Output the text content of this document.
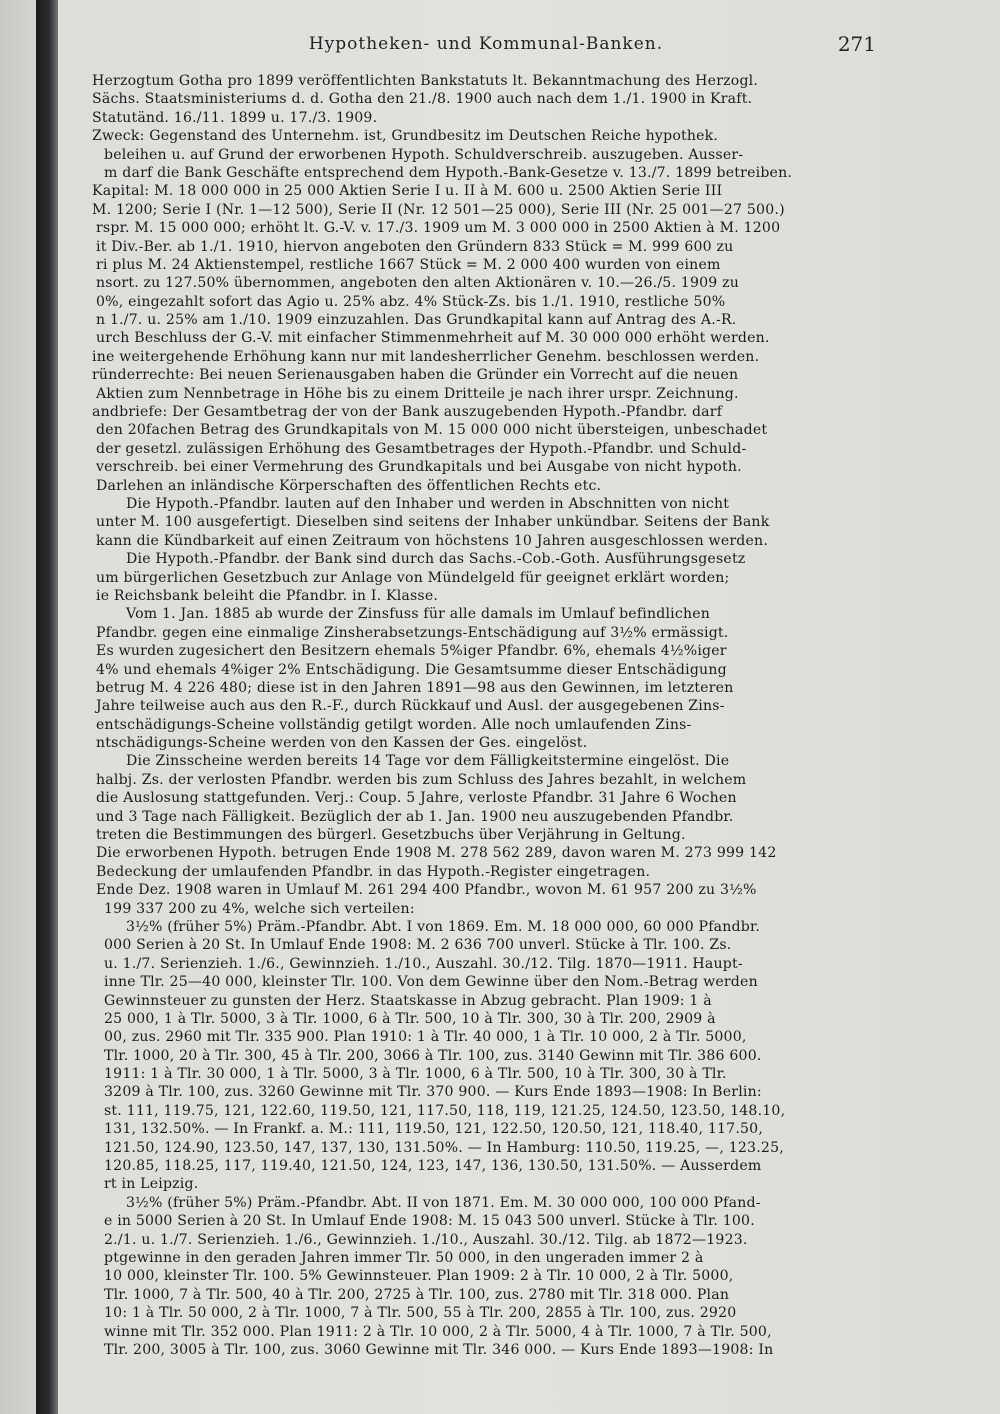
Hypotheken- und Kommunal-Banken.	271
Herzogtum Gotha pro 1899 veröffentlichten Bankstatuts lt. Bekanntmachung des Herzogl.
Sächs. Staatsministeriums d. d. Gotha den 21./8. 1900 auch nach dem 1./1. 1900 in Kraft.
Statutänd. 16./11. 1899 u. 17./3. 1909.
Zweck: Gegenstand des Unternehm. ist, Grundbesitz im Deutschen Reiche hypothek.
beleihen u. auf Grund der erworbenen Hypoth. Schuldverschreib. auszugeben. Ausser-
m darf die Bank Geschäfte entsprechend dem Hypoth.-Bank-Gesetze v. 13./7. 1899 betreiben.
Kapital: M. 18 000 000 in 25 000 Aktien Serie I u. II à M. 600 u. 2500 Aktien Serie III
M. 1200; Serie I (Nr. 1—12 500), Serie II (Nr. 12 501—25 000), Serie III (Nr. 25 001—27 500.)
rspr. M. 15 000 000; erhöht lt. G.-V. v. 17./3. 1909 um M. 3 000 000 in 2500 Aktien à M. 1200
it Div.-Ber. ab 1./1. 1910, hiervon angeboten den Gründern 833 Stück = M. 999 600 zu
ri plus M. 24 Aktienstempel, restliche 1667 Stück = M. 2 000 400 wurden von einem
nsort. zu 127.50% übernommen, angeboten den alten Aktionären v. 10.—26./5. 1909 zu
0%, eingezahlt sofort das Agio u. 25% abz. 4% Stück-Zs. bis 1./1. 1910, restliche 50%
n 1./7. u. 25% am 1./10. 1909 einzuzahlen. Das Grundkapital kann auf Antrag des A.-R.
urch Beschluss der G.-V. mit einfacher Stimmenmehrheit auf M. 30 000 000 erhöht werden.
ine weitergehende Erhöhung kann nur mit landesherrlicher Genehm. beschlossen werden.
ründerrechte: Bei neuen Serienausgaben haben die Gründer ein Vorrecht auf die neuen
Aktien zum Nennbetrage in Höhe bis zu einem Dritteile je nach ihrer urspr. Zeichnung.
andbriefe: Der Gesamtbetrag der von der Bank auszugebenden Hypoth.-Pfandbr. darf
den 20fachen Betrag des Grundkapitals von M. 15 000 000 nicht übersteigen, unbeschadet
der gesetzl. zulässigen Erhöhung des Gesamtbetrages der Hypoth.-Pfandbr. und Schuld-
verschreib. bei einer Vermehrung des Grundkapitals und bei Ausgabe von nicht hypoth.
Darlehen an inländische Körperschaften des öffentlichen Rechts etc.
Die Hypoth.-Pfandbr. lauten auf den Inhaber und werden in Abschnitten von nicht
unter M. 100 ausgefertigt. Dieselben sind seitens der Inhaber unkündbar. Seitens der Bank
kann die Kündbarkeit auf einen Zeitraum von höchstens 10 Jahren ausgeschlossen werden.
Die Hypoth.-Pfandbr. der Bank sind durch das Sachs.-Cob.-Goth. Ausführungsgesetz
um bürgerlichen Gesetzbuch zur Anlage von Mündelgeld für geeignet erklärt worden;
ie Reichsbank beleiht die Pfandbr. in I. Klasse.
Vom 1. Jan. 1885 ab wurde der Zinsfuss für alle damals im Umlauf befindlichen
Pfandbr. gegen eine einmalige Zinsherabsetzungs-Entschädigung auf 3½% ermässigt.
Es wurden zugesichert den Besitzern ehemals 5%iger Pfandbr. 6%, ehemals 4½%iger
4% und ehemals 4%iger 2% Entschädigung. Die Gesamtsumme dieser Entschädigung
betrug M. 4 226 480; diese ist in den Jahren 1891—98 aus den Gewinnen, im letzteren
Jahre teilweise auch aus den R.-F., durch Rückkauf und Ausl. der ausgegebenen Zins-
entschädigungs-Scheine vollständig getilgt worden. Alle noch umlaufenden Zins-
ntschädigungs-Scheine werden von den Kassen der Ges. eingelöst.
Die Zinsscheine werden bereits 14 Tage vor dem Fälligkeitstermine eingelöst. Die
halbj. Zs. der verlosten Pfandbr. werden bis zum Schluss des Jahres bezahlt, in welchem
die Auslosung stattgefunden. Verj.: Coup. 5 Jahre, verloste Pfandbr. 31 Jahre 6 Wochen
und 3 Tage nach Fälligkeit. Bezüglich der ab 1. Jan. 1900 neu auszugebenden Pfandbr.
treten die Bestimmungen des bürgerl. Gesetzbuchs über Verjährung in Geltung.
Die erworbenen Hypoth. betrugen Ende 1908 M. 278 562 289, davon waren M. 273 999 142
Bedeckung der umlaufenden Pfandbr. in das Hypoth.-Register eingetragen.
Ende Dez. 1908 waren in Umlauf M. 261 294 400 Pfandbr., wovon M. 61 957 200 zu 3½%
199 337 200 zu 4%, welche sich verteilen:
3½% (früher 5%) Präm.-Pfandbr. Abt. I von 1869. Em. M. 18 000 000, 60 000 Pfandbr.
000 Serien à 20 St. In Umlauf Ende 1908: M. 2 636 700 unverl. Stücke à Tlr. 100. Zs.
u. 1./7. Serienzieh. 1./6., Gewinnzieh. 1./10., Auszahl. 30./12. Tilg. 1870—1911. Haupt-
inne Tlr. 25—40 000, kleinster Tlr. 100. Von dem Gewinne über den Nom.-Betrag werden
Gewinnsteuer zu gunsten der Herz. Staatskasse in Abzug gebracht. Plan 1909: 1 à
25 000, 1 à Tlr. 5000, 3 à Tlr. 1000, 6 à Tlr. 500, 10 à Tlr. 300, 30 à Tlr. 200, 2909 à
00, zus. 2960 mit Tlr. 335 900. Plan 1910: 1 à Tlr. 40 000, 1 à Tlr. 10 000, 2 à Tlr. 5000,
Tlr. 1000, 20 à Tlr. 300, 45 à Tlr. 200, 3066 à Tlr. 100, zus. 3140 Gewinn mit Tlr. 386 600.
1911: 1 à Tlr. 30 000, 1 à Tlr. 5000, 3 à Tlr. 1000, 6 à Tlr. 500, 10 à Tlr. 300, 30 à Tlr.
3209 à Tlr. 100, zus. 3260 Gewinne mit Tlr. 370 900. — Kurs Ende 1893—1908: In Berlin:
st. 111, 119.75, 121, 122.60, 119.50, 121, 117.50, 118, 119, 121.25, 124.50, 123.50, 148.10,
131, 132.50%. — In Frankf. a. M.: 111, 119.50, 121, 122.50, 120.50, 121, 118.40, 117.50,
121.50, 124.90, 123.50, 147, 137, 130, 131.50%. — In Hamburg: 110.50, 119.25, —, 123.25,
120.85, 118.25, 117, 119.40, 121.50, 124, 123, 147, 136, 130.50, 131.50%. — Ausserdem
rt in Leipzig.
3½% (früher 5%) Präm.-Pfandbr. Abt. II von 1871. Em. M. 30 000 000, 100 000 Pfand-
e in 5000 Serien à 20 St. In Umlauf Ende 1908: M. 15 043 500 unverl. Stücke à Tlr. 100.
2./1. u. 1./7. Serienzieh. 1./6., Gewinnzieh. 1./10., Auszahl. 30./12. Tilg. ab 1872—1923.
ptgewinne in den geraden Jahren immer Tlr. 50 000, in den ungeraden immer 2 à
10 000, kleinster Tlr. 100. 5% Gewinnsteuer. Plan 1909: 2 à Tlr. 10 000, 2 à Tlr. 5000,
Tlr. 1000, 7 à Tlr. 500, 40 à Tlr. 200, 2725 à Tlr. 100, zus. 2780 mit Tlr. 318 000. Plan
10: 1 à Tlr. 50 000, 2 à Tlr. 1000, 7 à Tlr. 500, 55 à Tlr. 200, 2855 à Tlr. 100, zus. 2920
winne mit Tlr. 352 000. Plan 1911: 2 à Tlr. 10 000, 2 à Tlr. 5000, 4 à Tlr. 1000, 7 à Tlr. 500,
Tlr. 200, 3005 à Tlr. 100, zus. 3060 Gewinne mit Tlr. 346 000. — Kurs Ende 1893—1908: In
